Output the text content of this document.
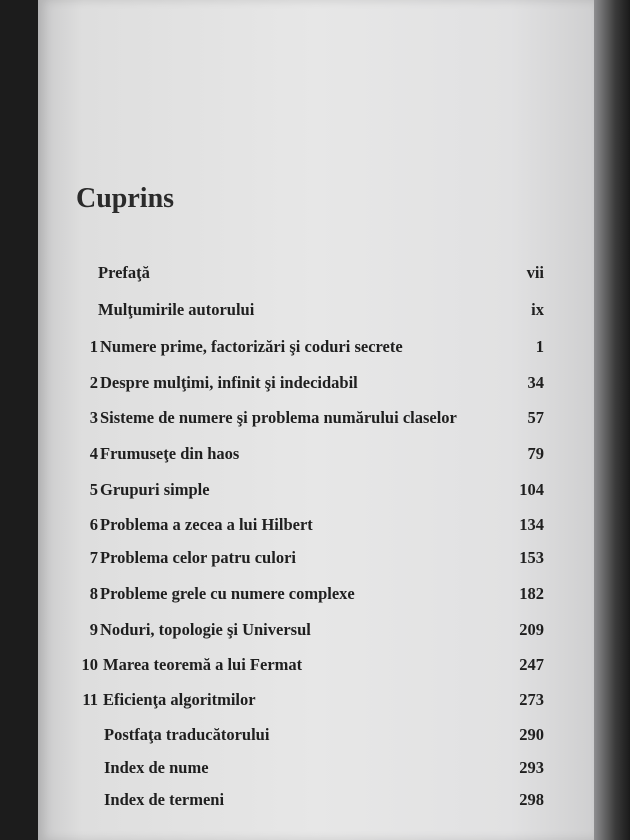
Cuprins
Prefaţă	vii
Mulţumirile autorului	ix
1 Numere prime, factorizări şi coduri secrete	1
2 Despre mulţimi, infinit şi indecidabil	34
3 Sisteme de numere şi problema numărului claselor	57
4 Frumuseţe din haos	79
5 Grupuri simple	104
6 Problema a zecea a lui Hilbert	134
7 Problema celor patru culori	153
8 Probleme grele cu numere complexe	182
9 Noduri, topologie şi Universul	209
10 Marea teoremă a lui Fermat	247
11 Eficienţa algoritmilor	273
Postfaţa traducătorului	290
Index de nume	293
Index de termeni	298
